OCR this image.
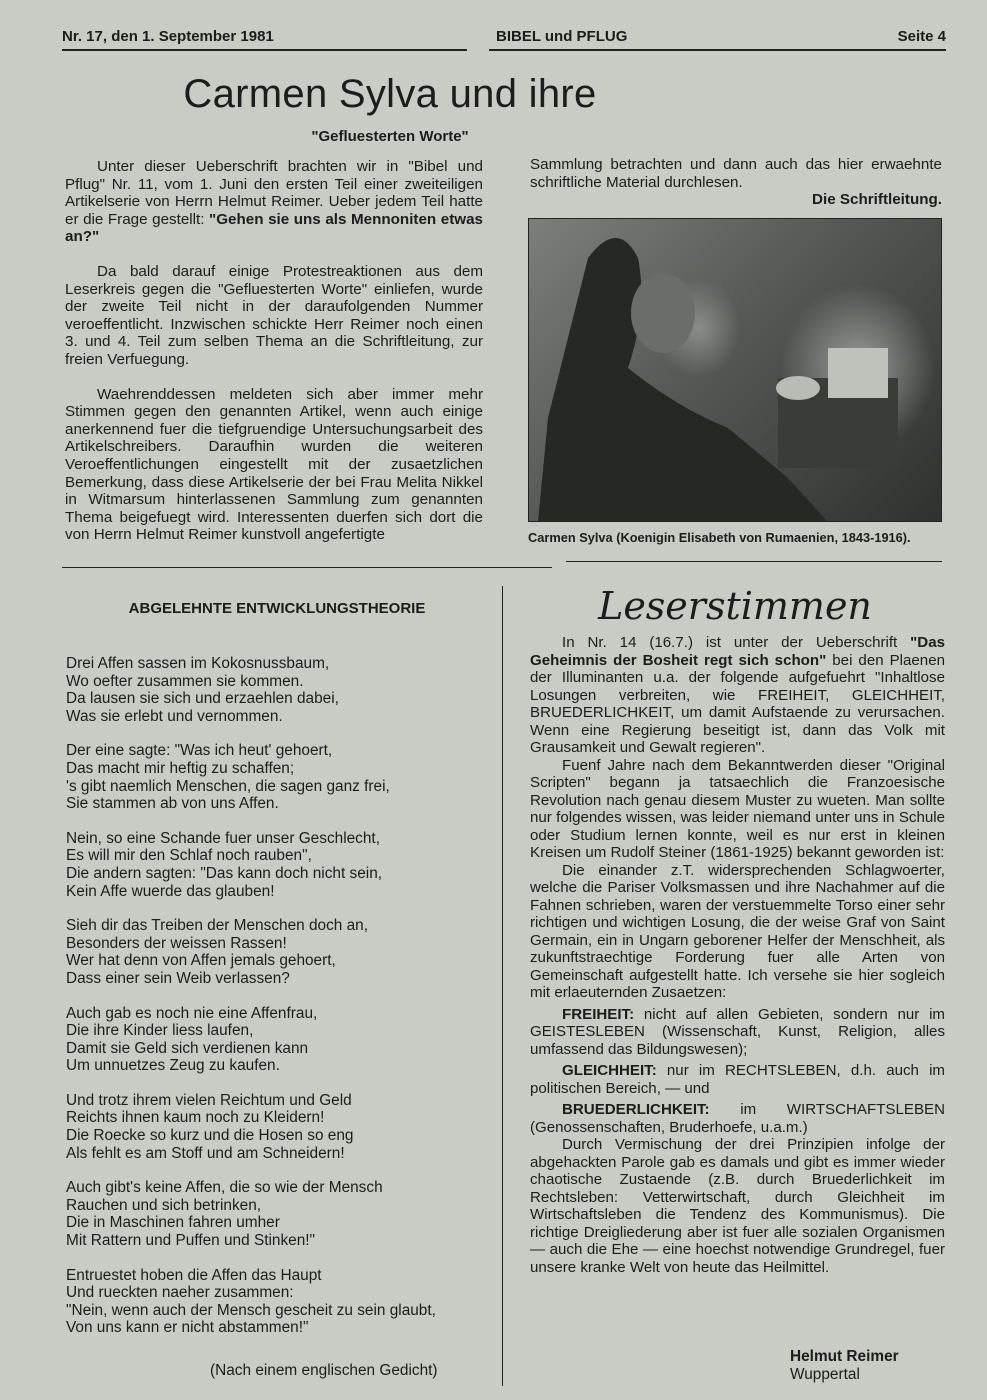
Nr. 17, den 1. September 1981	BIBEL und PFLUG	Seite 4
Carmen Sylva und ihre
"Gefluesterten Worte"

Unter dieser Ueberschrift brachten wir in "Bibel und Pflug" Nr. 11, vom 1. Juni den ersten Teil einer zweiteiligen Artikelserie von Herrn Helmut Reimer. Ueber jedem Teil hatte er die Frage gestellt: "Gehen sie uns als Mennoniten etwas an?"

Da bald darauf einige Protestreaktionen aus dem Leserkreis gegen die "Gefluesterten Worte" einliefen, wurde der zweite Teil nicht in der daraufolgenden Nummer veroeffentlicht. Inzwischen schickte Herr Reimer noch einen 3. und 4. Teil zum selben Thema an die Schriftleitung, zur freien Verfuegung.

Waehrenddessen meldeten sich aber immer mehr Stimmen gegen den genannten Artikel, wenn auch einige anerkennend fuer die tiefgruendige Untersuchungsarbeit des Artikelschreibers. Daraufhin wurden die weiteren Veroeffentlichungen eingestellt mit der zusaetzlichen Bemerkung, dass diese Artikelserie der bei Frau Melita Nikkel in Witmarsum hinterlassenen Sammlung zum genannten Thema beigefuegt wird. Interessenten duerfen sich dort die von Herrn Helmut Reimer kunstvoll angefertigte

Sammlung betrachten und dann auch das hier erwaehnte schriftliche Material durchlesen.

Die Schriftleitung.

Carmen Sylva (Koenigin Elisabeth von Rumaenien, 1843-1916).
ABGELEHNTE ENTWICKLUNGSTHEORIE
Drei Affen sassen im Kokosnussbaum,
Wo oefter zusammen sie kommen.
Da lausen sie sich und erzaehlen dabei,
Was sie erlebt und vernommen.
Der eine sagte: "Was ich heut' gehoert,
Das macht mir heftig zu schaffen;
's gibt naemlich Menschen, die sagen ganz frei,
Sie stammen ab von uns Affen.
Nein, so eine Schande fuer unser Geschlecht,
Es will mir den Schlaf noch rauben",
Die andern sagten: "Das kann doch nicht sein,
Kein Affe wuerde das glauben!
Sieh dir das Treiben der Menschen doch an,
Besonders der weissen Rassen!
Wer hat denn von Affen jemals gehoert,
Dass einer sein Weib verlassen?
Auch gab es noch nie eine Affenfrau,
Die ihre Kinder liess laufen,
Damit sie Geld sich verdienen kann
Um unnuetzes Zeug zu kaufen.
Und trotz ihrem vielen Reichtum und Geld
Reichts ihnen kaum noch zu Kleidern!
Die Roecke so kurz und die Hosen so eng
Als fehlt es am Stoff und am Schneidern!
Auch gibt's keine Affen, die so wie der Mensch
Rauchen und sich betrinken,
Die in Maschinen fahren umher
Mit Rattern und Puffen und Stinken!"
Entruestet hoben die Affen das Haupt
Und rueckten naeher zusammen:
"Nein, wenn auch der Mensch gescheit zu sein glaubt,
Von uns kann er nicht abstammen!"
(Nach einem englischen Gedicht)
Leserstimmen

In Nr. 14 (16.7.) ist unter der Ueberschrift "Das Geheimnis der Bosheit regt sich schon" bei den Plaenen der Illuminanten u.a. der folgende aufgefuehrt "Inhaltlose Losungen verbreiten, wie FREIHEIT, GLEICHHEIT, BRUEDERLICHKEIT, um damit Aufstaende zu verursachen. Wenn eine Regierung beseitigt ist, dann das Volk mit Grausamkeit und Gewalt regieren".

Fuenf Jahre nach dem Bekanntwerden dieser "Original Scripten" begann ja tatsaechlich die Franzoesische Revolution nach genau diesem Muster zu wueten. Man sollte nur folgendes wissen, was leider niemand unter uns in Schule oder Studium lernen konnte, weil es nur erst in kleinen Kreisen um Rudolf Steiner (1861-1925) bekannt geworden ist:

Die einander z.T. widersprechenden Schlagwoerter, welche die Pariser Volksmassen und ihre Nachahmer auf die Fahnen schrieben, waren der verstuemmelte Torso einer sehr richtigen und wichtigen Losung, die der weise Graf von Saint Germain, ein in Ungarn geborener Helfer der Menschheit, als zukunftstraechtige Forderung fuer alle Arten von Gemeinschaft aufgestellt hatte. Ich versehe sie hier sogleich mit erlaeuternden Zusaetzen:

FREIHEIT: nicht auf allen Gebieten, sondern nur im GEISTESLEBEN (Wissenschaft, Kunst, Religion, alles umfassend das Bildungswesen);

GLEICHHEIT: nur im RECHTSLEBEN, d.h. auch im politischen Bereich, — und

BRUEDERLICHKEIT: im WIRTSCHAFTSLEBEN (Genossenschaften, Bruderhoefe, u.a.m.)

Durch Vermischung der drei Prinzipien infolge der abgehackten Parole gab es damals und gibt es immer wieder chaotische Zustaende (z.B. durch Bruederlichkeit im Rechtsleben: Vetterwirtschaft, durch Gleichheit im Wirtschaftsleben die Tendenz des Kommunismus). Die richtige Dreigliederung aber ist fuer alle sozialen Organismen — auch die Ehe — eine hoechst notwendige Grundregel, fuer unsere kranke Welt von heute das Heilmittel.

Helmut Reimer
Wuppertal
